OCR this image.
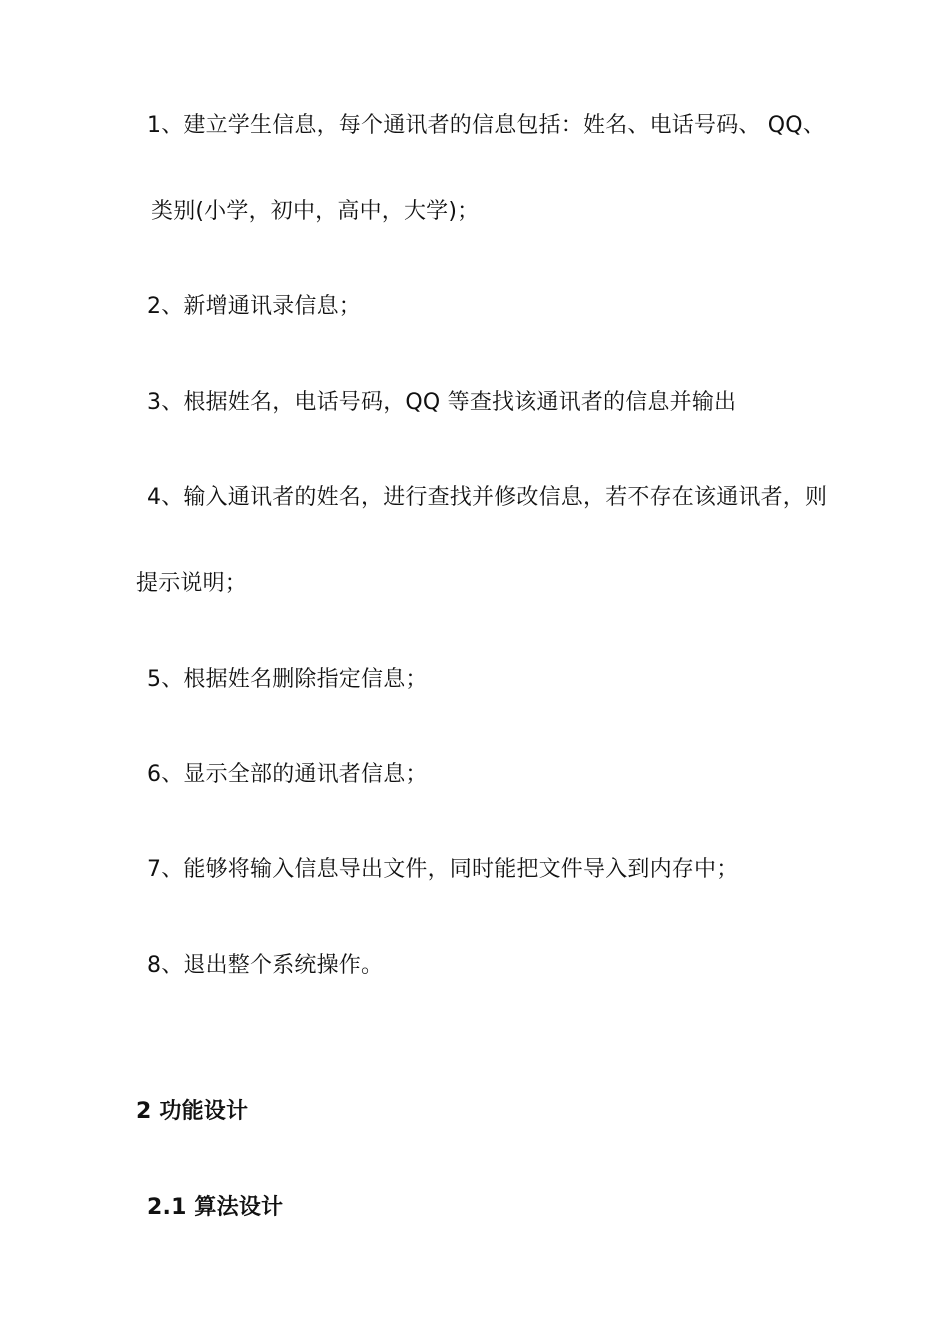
1、建立学生信息，每个通讯者的信息包括：姓名、电话号码、 QQ、
类别(小学，初中，高中，大学)；
2、新增通讯录信息；
3、根据姓名，电话号码，QQ 等查找该通讯者的信息并输出
4、输入通讯者的姓名，进行查找并修改信息，若不存在该通讯者，则
提示说明；
5、根据姓名删除指定信息；
6、显示全部的通讯者信息；
7、能够将输入信息导出文件，同时能把文件导入到内存中；
8、退出整个系统操作。
2 功能设计
2.1 算法设计
